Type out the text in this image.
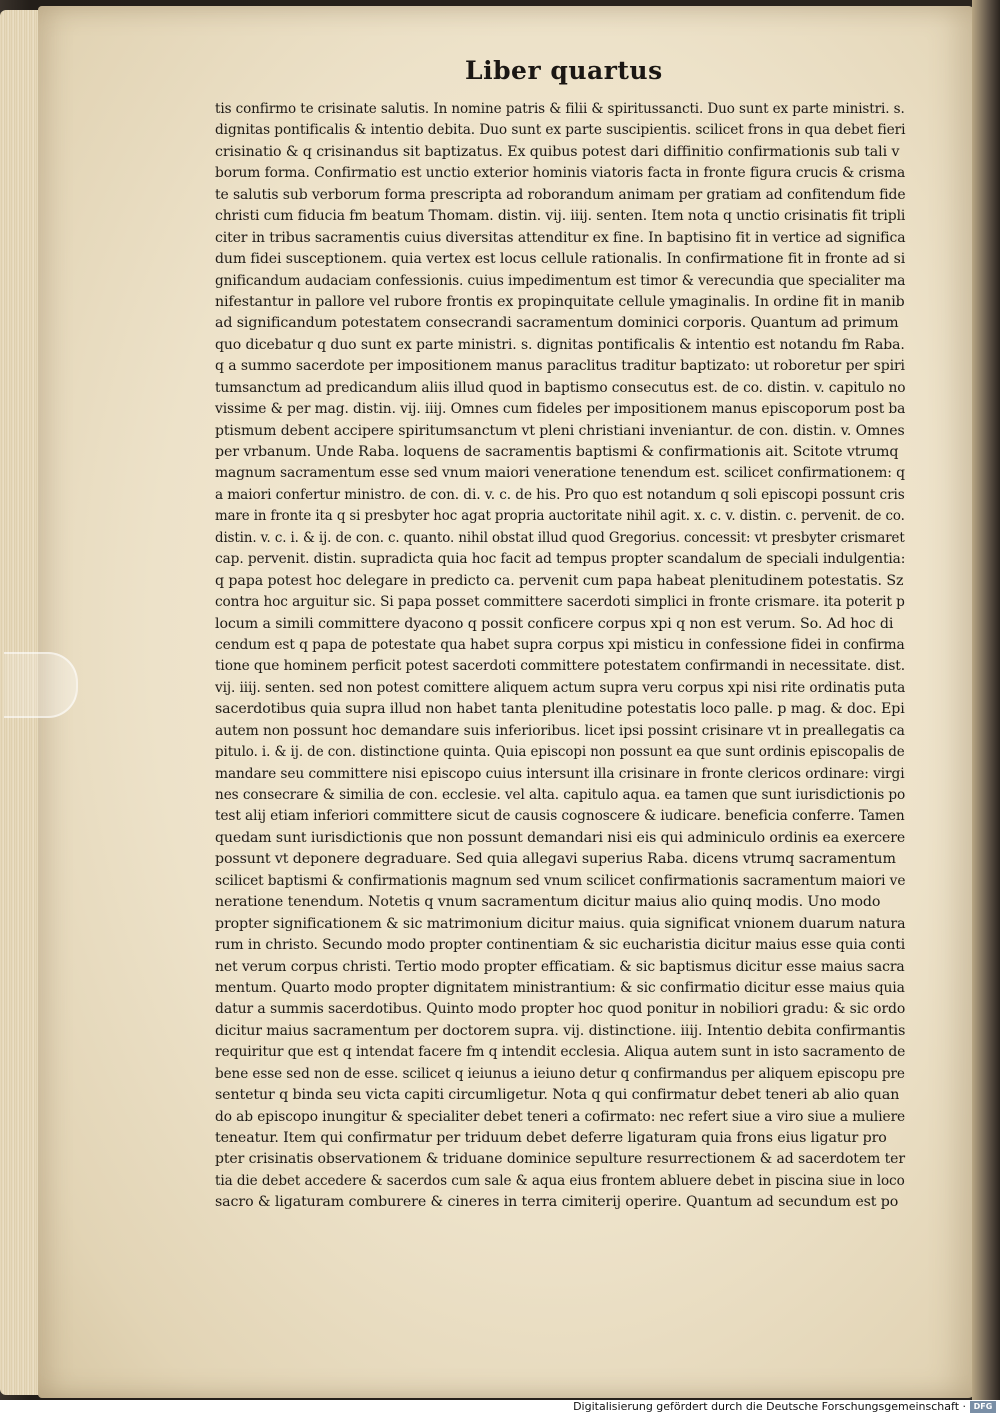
Liber quartus
tis confirmo te crisinate salutis. In nomine patris & filii & spiritussancti. Duo sunt ex parte ministri. s.
dignitas pontificalis & intentio debita. Duo sunt ex parte suscipientis. scilicet frons in qua debet fieri
crisinatio & q crisinandus sit baptizatus. Ex quibus potest dari diffinitio confirmationis sub tali v
borum forma. Confirmatio est unctio exterior hominis viatoris facta in fronte figura crucis & crisma
te salutis sub verborum forma prescripta ad roborandum animam per gratiam ad confitendum fide
christi cum fiducia fm beatum Thomam. distin. vij. iiij. senten. Item nota q unctio crisinatis fit tripli
citer in tribus sacramentis cuius diversitas attenditur ex fine. In baptisino fit in vertice ad significa
dum fidei susceptionem. quia vertex est locus cellule rationalis. In confirmatione fit in fronte ad si
gnificandum audaciam confessionis. cuius impedimentum est timor & verecundia que specialiter ma
nifestantur in pallore vel rubore frontis ex propinquitate cellule ymaginalis. In ordine fit in manib
ad significandum potestatem consecrandi sacramentum dominici corporis. Quantum ad primum
quo dicebatur q duo sunt ex parte ministri. s. dignitas pontificalis & intentio est notandu fm Raba.
q a summo sacerdote per impositionem manus paraclitus traditur baptizato: ut roboretur per spiri
tumsanctum ad predicandum aliis illud quod in baptismo consecutus est. de co. distin. v. capitulo no
vissime & per mag. distin. vij. iiij. Omnes cum fideles per impositionem manus episcoporum post ba
ptismum debent accipere spiritumsanctum vt pleni christiani inveniantur. de con. distin. v. Omnes
per vrbanum. Unde Raba. loquens de sacramentis baptismi & confirmationis ait. Scitote vtrumq
magnum sacramentum esse sed vnum maiori veneratione tenendum est. scilicet confirmationem: q
a maiori confertur ministro. de con. di. v. c. de his. Pro quo est notandum q soli episcopi possunt cris
mare in fronte ita q si presbyter hoc agat propria auctoritate nihil agit. x. c. v. distin. c. pervenit. de co.
distin. v. c. i. & ij. de con. c. quanto. nihil obstat illud quod Gregorius. concessit: vt presbyter crismaret
cap. pervenit. distin. supradicta quia hoc facit ad tempus propter scandalum de speciali indulgentia:
q papa potest hoc delegare in predicto ca. pervenit cum papa habeat plenitudinem potestatis. Sz
contra hoc arguitur sic. Si papa posset committere sacerdoti simplici in fronte crismare. ita poterit p
locum a simili committere dyacono q possit conficere corpus xpi q non est verum. So. Ad hoc di
cendum est q papa de potestate qua habet supra corpus xpi misticu in confessione fidei in confirma
tione que hominem perficit potest sacerdoti committere potestatem confirmandi in necessitate. dist.
vij. iiij. senten. sed non potest comittere aliquem actum supra veru corpus xpi nisi rite ordinatis puta
sacerdotibus quia supra illud non habet tanta plenitudine potestatis loco palle. p mag. & doc. Epi
autem non possunt hoc demandare suis inferioribus. licet ipsi possint crisinare vt in preallegatis ca
pitulo. i. & ij. de con. distinctione quinta. Quia episcopi non possunt ea que sunt ordinis episcopalis de
mandare seu committere nisi episcopo cuius intersunt illa crisinare in fronte clericos ordinare: virgi
nes consecrare & similia de con. ecclesie. vel alta. capitulo aqua. ea tamen que sunt iurisdictionis po
test alij etiam inferiori committere sicut de causis cognoscere & iudicare. beneficia conferre. Tamen
quedam sunt iurisdictionis que non possunt demandari nisi eis qui adminiculo ordinis ea exercere
possunt vt deponere degraduare. Sed quia allegavi superius Raba. dicens vtrumq sacramentum
scilicet baptismi & confirmationis magnum sed vnum scilicet confirmationis sacramentum maiori ve
neratione tenendum. Notetis q vnum sacramentum dicitur maius alio quinq modis. Uno modo
propter significationem & sic matrimonium dicitur maius. quia significat vnionem duarum natura
rum in christo. Secundo modo propter continentiam & sic eucharistia dicitur maius esse quia conti
net verum corpus christi. Tertio modo propter efficatiam. & sic baptismus dicitur esse maius sacra
mentum. Quarto modo propter dignitatem ministrantium: & sic confirmatio dicitur esse maius quia
datur a summis sacerdotibus. Quinto modo propter hoc quod ponitur in nobiliori gradu: & sic ordo
dicitur maius sacramentum per doctorem supra. vij. distinctione. iiij. Intentio debita confirmantis
requiritur que est q intendat facere fm q intendit ecclesia. Aliqua autem sunt in isto sacramento de
bene esse sed non de esse. scilicet q ieiunus a ieiuno detur q confirmandus per aliquem episcopu pre
sentetur q binda seu victa capiti circumligetur. Nota q qui confirmatur debet teneri ab alio quan
do ab episcopo inungitur & specialiter debet teneri a cofirmato: nec refert siue a viro siue a muliere
teneatur. Item qui confirmatur per triduum debet deferre ligaturam quia frons eius ligatur pro
pter crisinatis observationem & triduane dominice sepulture resurrectionem & ad sacerdotem ter
tia die debet accedere & sacerdos cum sale & aqua eius frontem abluere debet in piscina siue in loco
sacro & ligaturam comburere & cineres in terra cimiterij operire. Quantum ad secundum est po
Digitalisierung gefördert durch die Deutsche Forschungsgemeinschaft · DFG
